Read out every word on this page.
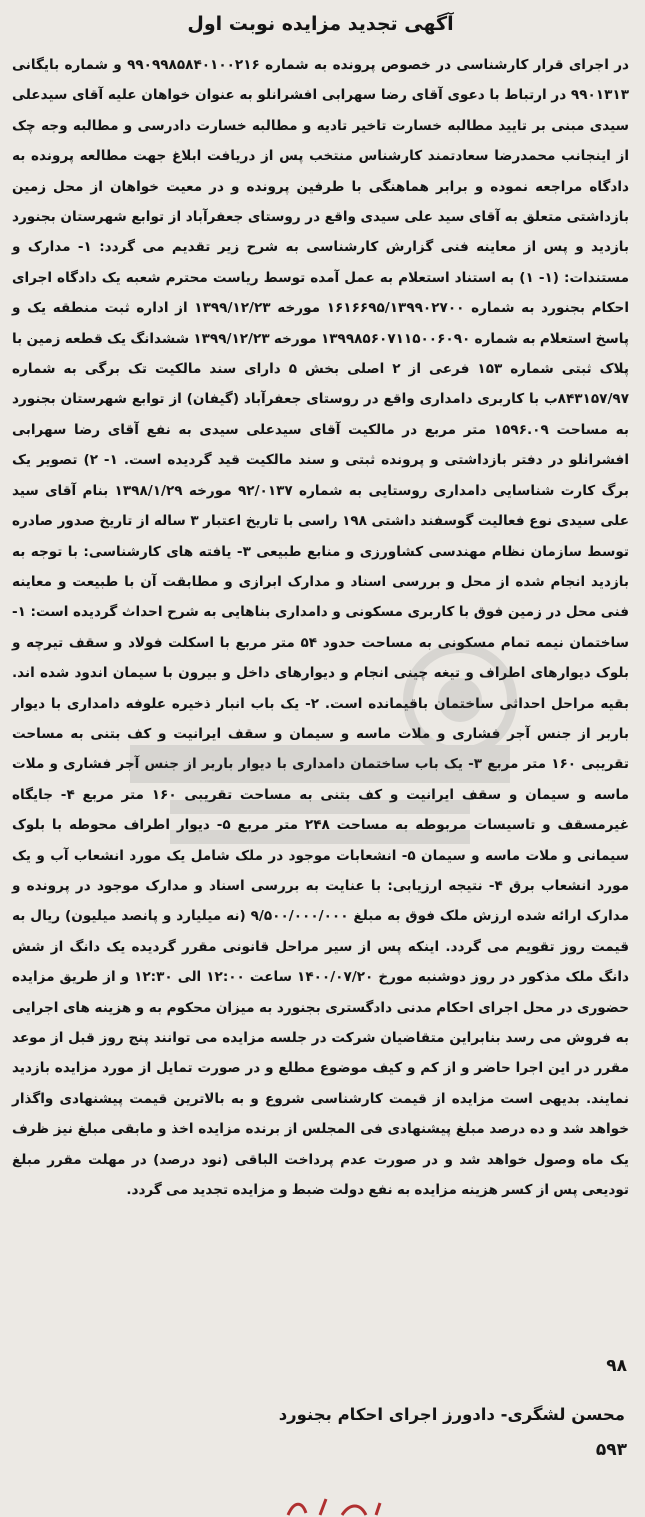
آگهی تجدید مزایده نوبت اول

در اجرای قرار کارشناسی در خصوص پرونده به شماره ۹۹۰۹۹۸۵۸۴۰۱۰۰۲۱۶ و شماره بایگانی ۹۹۰۱۳۱۳ در ارتباط با دعوی آقای رضا سهرابی افشرانلو به عنوان خواهان علیه آقای سیدعلی سیدی مبنی بر تایید مطالبه خسارت تاخیر تادیه و مطالبه خسارت دادرسی و مطالبه وجه چک از اینجانب محمدرضا سعادتمند کارشناس منتخب پس از دریافت ابلاغ جهت مطالعه پرونده به دادگاه مراجعه نموده و برابر هماهنگی با طرفین پرونده و در معیت خواهان از محل زمین بازداشتی متعلق به آقای سید علی سیدی واقع در روستای جعفرآباد از توابع شهرستان بجنورد بازدید و پس از معاینه فنی گزارش کارشناسی به شرح زیر تقدیم می گردد: ۱- مدارک و مستندات: (۱- ۱) به استناد استعلام به عمل آمده توسط ریاست محترم شعبه یک دادگاه اجرای احکام بجنورد به شماره ۱۶۱۶۶۹۵/۱۳۹۹۰۲۷۰۰ مورخه ۱۳۹۹/۱۲/۲۳ از اداره ثبت منطقه یک و پاسخ استعلام به شماره ۱۳۹۹۸۵۶۰۷۱۱۵۰۰۶۰۹۰ مورخه ۱۳۹۹/۱۲/۲۳ ششدانگ یک قطعه زمین با پلاک ثبتی شماره ۱۵۳ فرعی از ۲ اصلی بخش ۵ دارای سند مالکیت تک برگی به شماره ۸۴۳۱۵۷/۹۷ب با کاربری دامداری واقع در روستای جعفرآباد (گیفان) از توابع شهرستان بجنورد به مساحت ۱۵۹۶.۰۹ متر مربع در مالکیت آقای سیدعلی سیدی به نفع آقای رضا سهرابی افشرانلو در دفتر بازداشتی و پرونده ثبتی و سند مالکیت قید گردیده است. ۱- ۲) تصویر یک برگ کارت شناسایی دامداری روستایی به شماره ۹۲/۰۱۳۷ مورخه ۱۳۹۸/۱/۲۹ بنام آقای سید علی سیدی نوع فعالیت گوسفند داشتی ۱۹۸ راسی با تاریخ اعتبار ۳ ساله از تاریخ صدور صادره توسط سازمان نظام مهندسی کشاورزی و منابع طبیعی ۳- یافته های کارشناسی: با توجه به بازدید انجام شده از محل و بررسی اسناد و مدارک ابرازی و مطابقت آن با طبیعت و معاینه فنی محل در زمین فوق با کاربری مسکونی و دامداری بناهایی به شرح احداث گردیده است: ۱- ساختمان نیمه تمام مسکونی به مساحت حدود ۵۴ متر مربع با اسکلت فولاد و سقف تیرچه و بلوک دیوارهای اطراف و تیغه چینی انجام و دیوارهای داخل و بیرون با سیمان اندود شده اند. بقیه مراحل احداثی ساختمان باقیمانده است. ۲- یک باب انبار ذخیره علوفه دامداری با دیوار باربر از جنس آجر فشاری و ملات ماسه و سیمان و سقف ایرانیت و کف بتنی به مساحت تقریبی ۱۶۰ متر مربع ۳- یک باب ساختمان دامداری با دیوار باربر از جنس آجر فشاری و ملات ماسه و سیمان و سقف ایرانیت و کف بتنی به مساحت تقریبی ۱۶۰ متر مربع ۴- جایگاه غیرمسقف و تاسیسات مربوطه به مساحت ۲۴۸ متر مربع ۵- دیوار اطراف محوطه با بلوک سیمانی و ملات ماسه و سیمان ۵- انشعابات موجود در ملک شامل یک مورد انشعاب آب و یک مورد انشعاب برق ۴- نتیجه ارزیابی: با عنایت به بررسی اسناد و مدارک موجود در پرونده و مدارک ارائه شده ارزش ملک فوق به مبلغ ۹/۵۰۰/۰۰۰/۰۰۰ (نه میلیارد و پانصد میلیون) ریال به قیمت روز تقویم می گردد. اینکه پس از سیر مراحل قانونی مقرر گردیده یک دانگ از شش دانگ ملک مذکور در روز دوشنبه مورخ ۱۴۰۰/۰۷/۲۰ ساعت ۱۲:۰۰ الی ۱۲:۳۰ و از طریق مزایده حضوری در محل اجرای احکام مدنی دادگستری بجنورد به میزان محکوم به و هزینه های اجرایی به فروش می رسد بنابراین متقاضیان شرکت در جلسه مزایده می توانند پنج روز قبل از موعد مقرر در این اجرا حاضر و از کم و کیف موضوع مطلع و در صورت تمایل از مورد مزایده بازدید نمایند. بدیهی است مزایده از قیمت کارشناسی شروع و به بالاترین قیمت پیشنهادی واگذار خواهد شد و ده درصد مبلغ پیشنهادی فی المجلس از برنده مزایده اخذ و مابقی مبلغ نیز ظرف یک ماه وصول خواهد شد و در صورت عدم پرداخت الباقی (نود درصد) در مهلت مقرر مبلغ تودیعی پس از کسر هزینه مزایده به نفع دولت ضبط و مزایده تجدید می گردد.

۹۸
محسن لشگری- دادورز اجرای احکام بجنورد
۵۹۳
